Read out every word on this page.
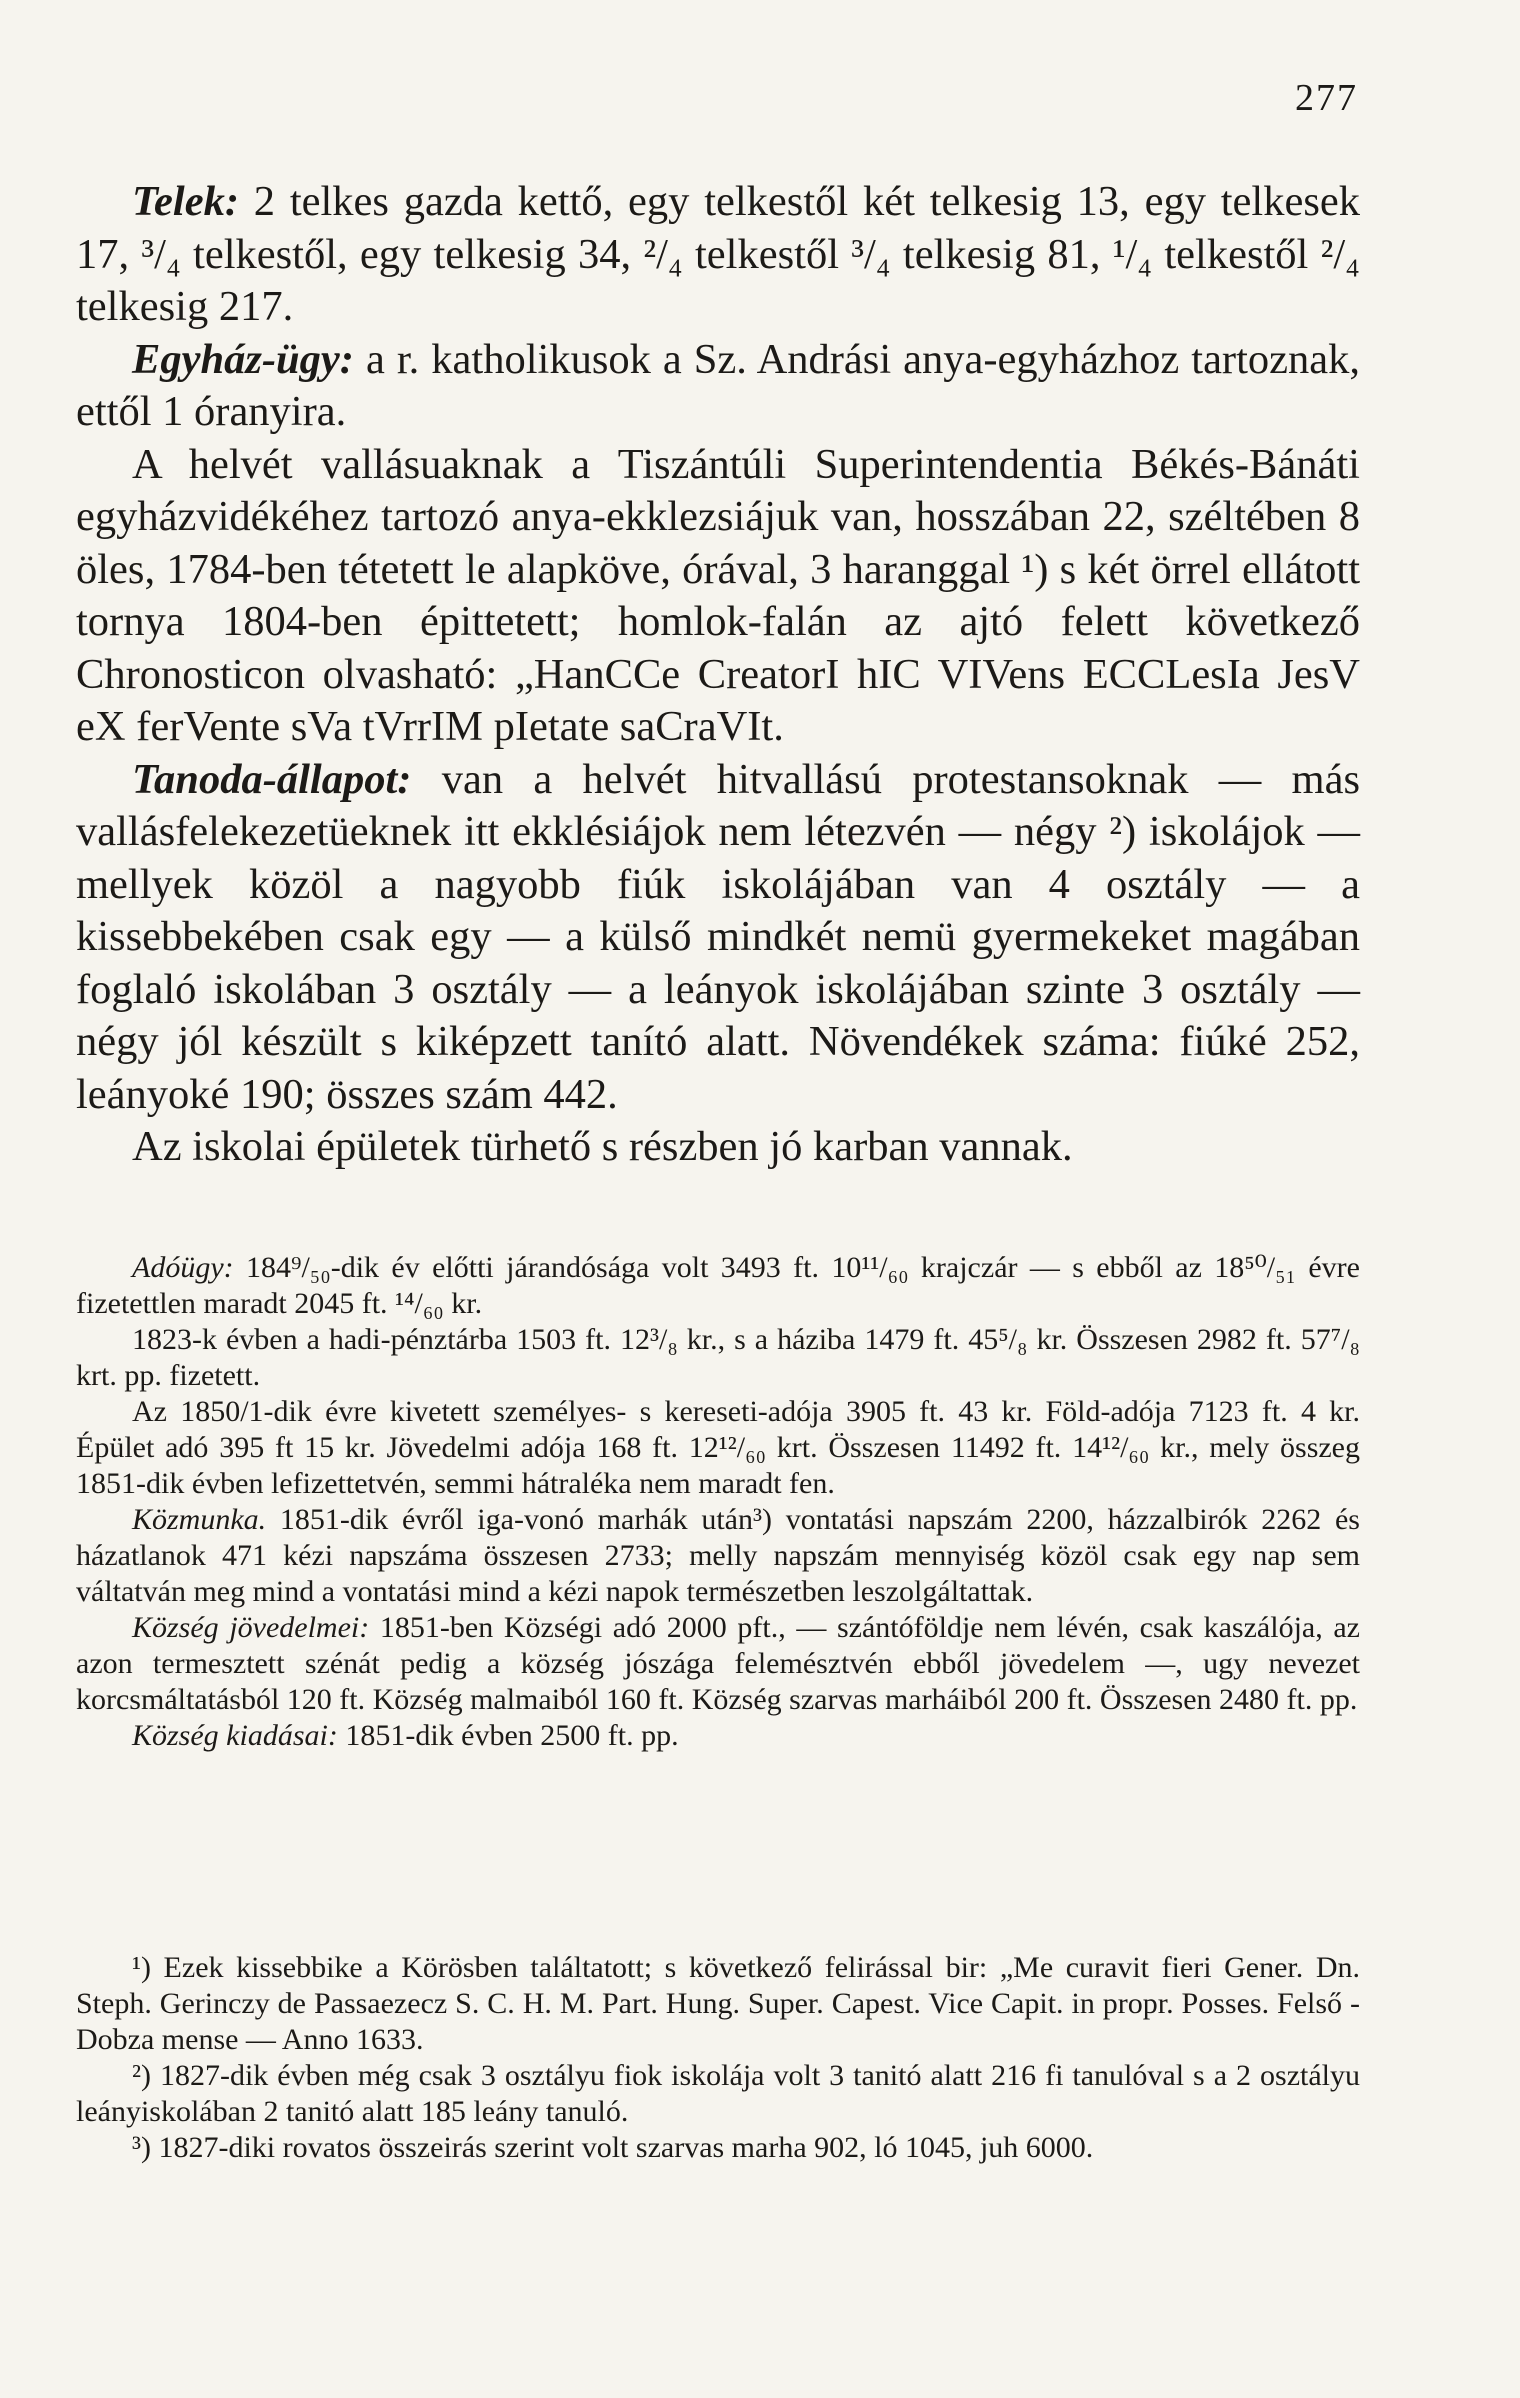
277

Telek: 2 telkes gazda kettő, egy telkestől két telkesig 13, egy telkesek 17, ³/₄ telkestől, egy telkesig 34, ²/₄ telkestől ³/₄ telkesig 81, ¹/₄ telkestől ²/₄ telkesig 217.

Egyház-ügy: a r. katholikusok a Sz. Andrási anya-egyházhoz tartoznak, ettől 1 óranyira.

A helvét vallásuaknak a Tiszántúli Superintendentia Békés-Bánáti egyházvidékéhez tartozó anya-ekklezsiájuk van, hosszában 22, széltében 8 öles, 1784-ben tétetett le alapköve, órával, 3 haranggal ¹) s két örrel ellátott tornya 1804-ben épittetett; homlok-falán az ajtó felett következő Chronosticon olvasható: „HanCCe CreatorI hIC VIVens ECCLesIa JesV eX ferVente sVa tVrrIM pIetate saCraVIt.

Tanoda-állapot: van a helvét hitvallású protestansoknak — más vallásfelekezetüeknek itt ekklésiájok nem létezvén — négy ²) iskolájok — mellyek közöl a nagyobb fiúk iskolájában van 4 osztály — a kissebbekében csak egy — a külső mindkét nemü gyermekeket magában foglaló iskolában 3 osztály — a leányok iskolájában szinte 3 osztály — négy jól készült s kiképzett tanító alatt. Növendékek száma: fiúké 252, leányoké 190; összes szám 442.

Az iskolai épületek türhető s részben jó karban vannak.

Adóügy: 184⁹/₅₀-dik év előtti járandósága volt 3493 ft. 10¹¹/₆₀ krajczár — s ebből az 18⁵⁰/₅₁ évre fizetettlen maradt 2045 ft. ¹⁴/₆₀ kr.

1823-k évben a hadi-pénztárba 1503 ft. 12³/₈ kr., s a háziba 1479 ft. 45⁵/₈ kr. Összesen 2982 ft. 57⁷/₈ krt. pp. fizetett.

Az 1850/1-dik évre kivetett személyes- s kereseti-adója 3905 ft. 43 kr. Föld-adója 7123 ft. 4 kr. Épület adó 395 ft 15 kr. Jövedelmi adója 168 ft. 12¹²/₆₀ krt. Összesen 11492 ft. 14¹²/₆₀ kr., mely összeg 1851-dik évben lefizettetvén, semmi hátraléka nem maradt fen.

Közmunka. 1851-dik évről iga-vonó marhák után³) vontatási napszám 2200, házzalbirók 2262 és házatlanok 471 kézi napszáma összesen 2733; melly napszám mennyiség közöl csak egy nap sem váltatván meg mind a vontatási mind a kézi napok természetben leszolgáltattak.

Község jövedelmei: 1851-ben Községi adó 2000 pft., — szántóföldje nem lévén, csak kaszálója, az azon termesztett szénát pedig a község jószága felemésztvén ebből jövedelem —, ugy nevezet korcsmáltatásból 120 ft. Község malmaiból 160 ft. Község szarvas marháiból 200 ft. Összesen 2480 ft. pp.

Község kiadásai: 1851-dik évben 2500 ft. pp.

¹) Ezek kissebbike a Körösben találtatott; s következő felirással bir: „Me curavit fieri Gener. Dn. Steph. Gerinczy de Passaezecz S. C. H. M. Part. Hung. Super. Capest. Vice Capit. in propr. Posses. Felső - Dobza mense — Anno 1633.

²) 1827-dik évben még csak 3 osztályu fiok iskolája volt 3 tanitó alatt 216 fi tanulóval s a 2 osztályu leányiskolában 2 tanitó alatt 185 leány tanuló.

³) 1827-diki rovatos összeirás szerint volt szarvas marha 902, ló 1045, juh 6000.
